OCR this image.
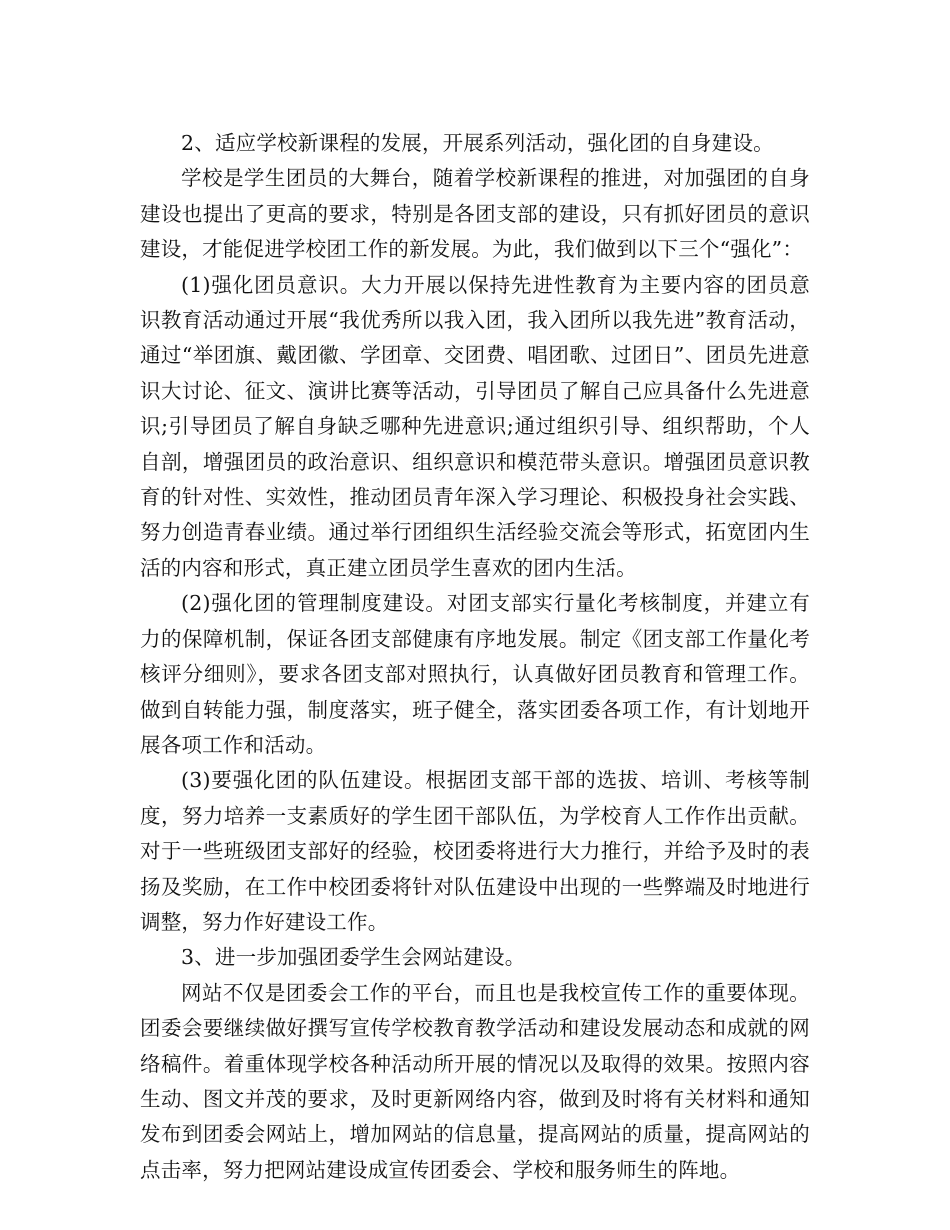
2、适应学校新课程的发展，开展系列活动，强化团的自身建设。

学校是学生团员的大舞台，随着学校新课程的推进，对加强团的自身建设也提出了更高的要求，特别是各团支部的建设，只有抓好团员的意识建设，才能促进学校团工作的新发展。为此，我们做到以下三个“强化”：

(1)强化团员意识。大力开展以保持先进性教育为主要内容的团员意识教育活动通过开展“我优秀所以我入团，我入团所以我先进”教育活动，通过“举团旗、戴团徽、学团章、交团费、唱团歌、过团日”、团员先进意识大讨论、征文、演讲比赛等活动，引导团员了解自己应具备什么先进意识;引导团员了解自身缺乏哪种先进意识;通过组织引导、组织帮助，个人自剖，增强团员的政治意识、组织意识和模范带头意识。增强团员意识教育的针对性、实效性，推动团员青年深入学习理论、积极投身社会实践、努力创造青春业绩。通过举行团组织生活经验交流会等形式，拓宽团内生活的内容和形式，真正建立团员学生喜欢的团内生活。

(2)强化团的管理制度建设。对团支部实行量化考核制度，并建立有力的保障机制，保证各团支部健康有序地发展。制定《团支部工作量化考核评分细则》，要求各团支部对照执行，认真做好团员教育和管理工作。做到自转能力强，制度落实，班子健全，落实团委各项工作，有计划地开展各项工作和活动。

(3)要强化团的队伍建设。根据团支部干部的选拔、培训、考核等制度，努力培养一支素质好的学生团干部队伍，为学校育人工作作出贡献。对于一些班级团支部好的经验，校团委将进行大力推行，并给予及时的表扬及奖励，在工作中校团委将针对队伍建设中出现的一些弊端及时地进行调整，努力作好建设工作。

3、进一步加强团委学生会网站建设。

网站不仅是团委会工作的平台，而且也是我校宣传工作的重要体现。团委会要继续做好撰写宣传学校教育教学活动和建设发展动态和成就的网络稿件。着重体现学校各种活动所开展的情况以及取得的效果。按照内容生动、图文并茂的要求，及时更新网络内容，做到及时将有关材料和通知发布到团委会网站上，增加网站的信息量，提高网站的质量，提高网站的点击率，努力把网站建设成宣传团委会、学校和服务师生的阵地。
